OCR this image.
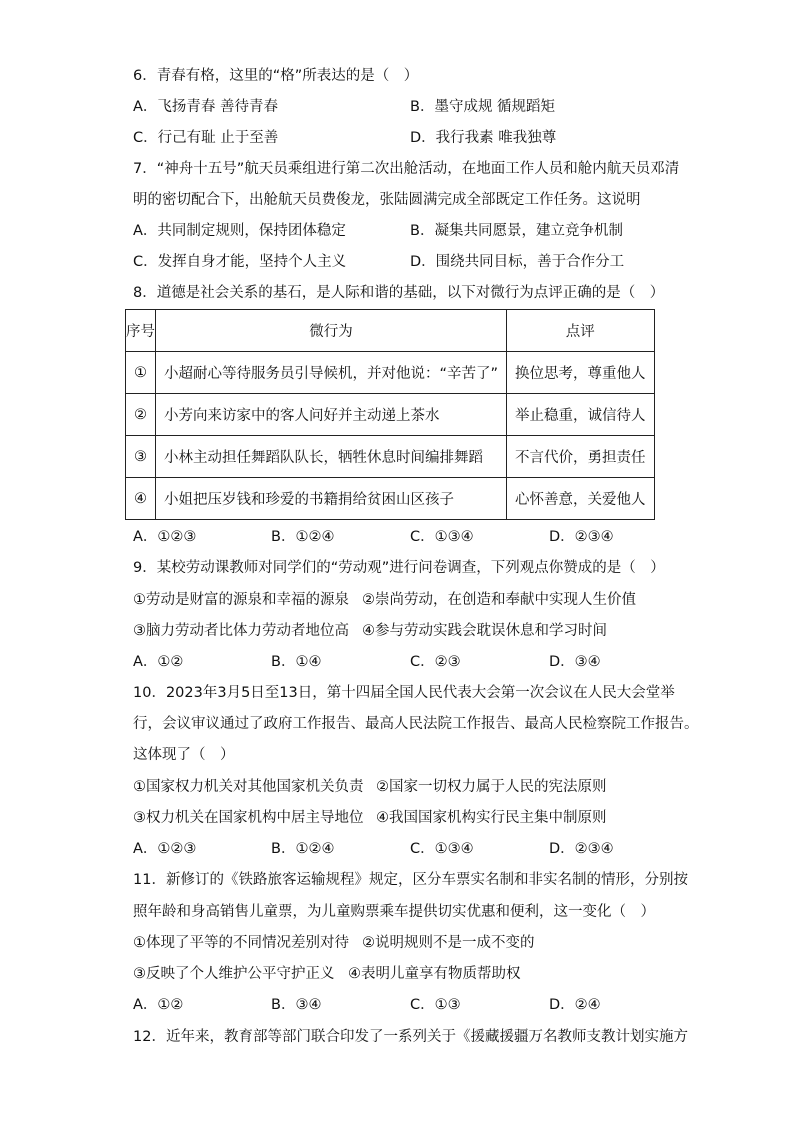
6．青春有格，这里的“格”所表达的是（　）
A．飞扬青春 善待青春	B．墨守成规 循规蹈矩
C．行己有耻 止于至善	D．我行我素 唯我独尊
7．“神舟十五号”航天员乘组进行第二次出舱活动，在地面工作人员和舱内航天员邓清
明的密切配合下，出舱航天员费俊龙，张陆圆满完成全部既定工作任务。这说明
A．共同制定规则，保持团体稳定	B．凝集共同愿景，建立竞争机制
C．发挥自身才能，坚持个人主义	D．围绕共同目标，善于合作分工
8．道德是社会关系的基石，是人际和谐的基础，以下对微行为点评正确的是（　）
序号	微行为	点评
①	小超耐心等待服务员引导候机，并对他说：“辛苦了”	换位思考，尊重他人
②	小芳向来访家中的客人问好并主动递上茶水	举止稳重，诚信待人
③	小林主动担任舞蹈队队长，牺牲休息时间编排舞蹈	不言代价，勇担责任
④	小姐把压岁钱和珍爱的书籍捐给贫困山区孩子	心怀善意，关爱他人
A．①②③	B．①②④	C．①③④	D．②③④
9．某校劳动课教师对同学们的“劳动观”进行问卷调查，下列观点你赞成的是（　）
①劳动是财富的源泉和幸福的源泉 ②崇尚劳动，在创造和奉献中实现人生价值
③脑力劳动者比体力劳动者地位高 ④参与劳动实践会耽误休息和学习时间
A．①②	B．①④	C．②③	D．③④
10．2023年3月5日至13日，第十四届全国人民代表大会第一次会议在人民大会堂举
行，会议审议通过了政府工作报告、最高人民法院工作报告、最高人民检察院工作报告。
这体现了（　）
①国家权力机关对其他国家机关负责 ②国家一切权力属于人民的宪法原则
③权力机关在国家机构中居主导地位 ④我国国家机构实行民主集中制原则
A．①②③	B．①②④	C．①③④	D．②③④
11．新修订的《铁路旅客运输规程》规定，区分车票实名制和非实名制的情形，分别按
照年龄和身高销售儿童票，为儿童购票乘车提供切实优惠和便利，这一变化（　）
①体现了平等的不同情况差别对待 ②说明规则不是一成不变的
③反映了个人维护公平守护正义 ④表明儿童享有物质帮助权
A．①②	B．③④	C．①③	D．②④
12．近年来，教育部等部门联合印发了一系列关于《援藏援疆万名教师支教计划实施方
